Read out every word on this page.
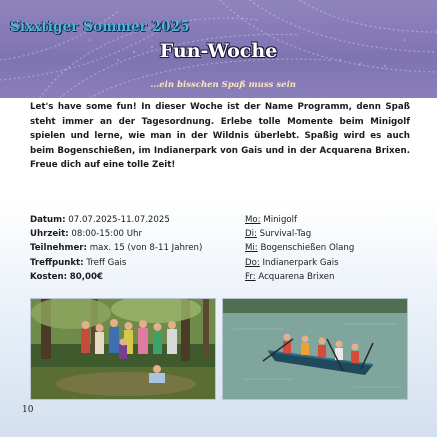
Sixxtiger Sommer 2025
Fun-Woche
...ein bisschen Spaß muss sein
Let's have some fun! In dieser Woche ist der Name Programm, denn Spaß steht immer an der Tagesordnung. Erlebe tolle Momente beim Minigolf spielen und lerne, wie man in der Wildnis überlebt. Spaßig wird es auch beim Bogenschießen, im Indianerpark von Gais und in der Acquarena Brixen. Freue dich auf eine tolle Zeit!
Datum: 07.07.2025-11.07.2025
Uhrzeit: 08:00-15:00 Uhr
Teilnehmer: max. 15 (von 8-11 Jahren)
Treffpunkt: Treff Gais
Kosten: 80,00€
Mo: Minigolf
Di: Survival-Tag
Mi: Bogenschießen Olang
Do: Indianerpark Gais
Fr: Acquarena Brixen
10
